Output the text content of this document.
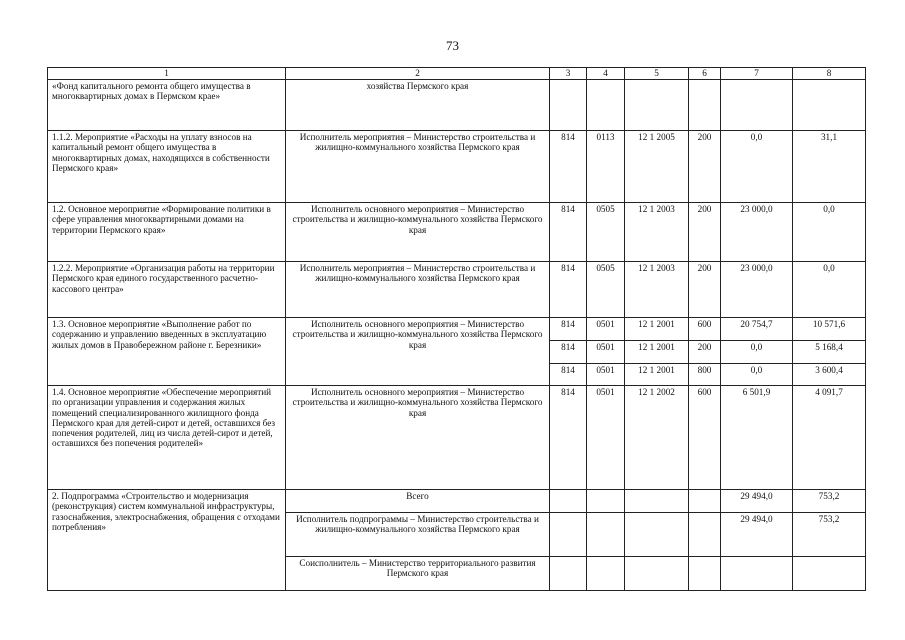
73
1	2	3	4	5	6	7	8
«Фонд капитального ремонта общего имущества в многоквартирных домах в Пермском крае»	хозяйства Пермского края						
1.1.2. Мероприятие «Расходы на уплату взносов на капитальный ремонт общего имущества в многоквартирных домах, находящихся в собственности Пермского края»	Исполнитель мероприятия – Министерство строительства и жилищно-коммунального хозяйства Пермского края	814	0113	12 1 2005	200	0,0	31,1
1.2. Основное мероприятие «Формирование политики в сфере управления многоквартирными домами на территории Пермского края»	Исполнитель основного мероприятия – Министерство строительства и жилищно-коммунального хозяйства Пермского края	814	0505	12 1 2003	200	23 000,0	0,0
1.2.2. Мероприятие «Организация работы на территории Пермского края единого государственного расчетно-кассового центра»	Исполнитель мероприятия – Министерство строительства и жилищно-коммунального хозяйства Пермского края	814	0505	12 1 2003	200	23 000,0	0,0
1.3. Основное мероприятие «Выполнение работ по содержанию и управлению введенных в эксплуатацию жилых домов в Правобережном районе г. Березники»	Исполнитель основного мероприятия – Министерство строительства и жилищно-коммунального хозяйства Пермского края	814	0501	12 1 2001	600	20 754,7	10 571,6
		814	0501	12 1 2001	200	0,0	5 168,4
		814	0501	12 1 2001	800	0,0	3 600,4
1.4. Основное мероприятие «Обеспечение мероприятий по организации управления и содержания жилых помещений специализированного жилищного фонда Пермского края для детей-сирот и детей, оставшихся без попечения родителей, лиц из числа детей-сирот и детей, оставшихся без попечения родителей»	Исполнитель основного мероприятия – Министерство строительства и жилищно-коммунального хозяйства Пермского края	814	0501	12 1 2002	600	6 501,9	4 091,7
2. Подпрограмма «Строительство и модернизация (реконструкция) систем коммунальной инфраструктуры, газоснабжения, электроснабжения, обращения с отходами потребления»	Всего					29 494,0	753,2
	Исполнитель подпрограммы – Министерство строительства и жилищно-коммунального хозяйства Пермского края					29 494,0	753,2
	Соисполнитель – Министерство территориального развития Пермского края						
